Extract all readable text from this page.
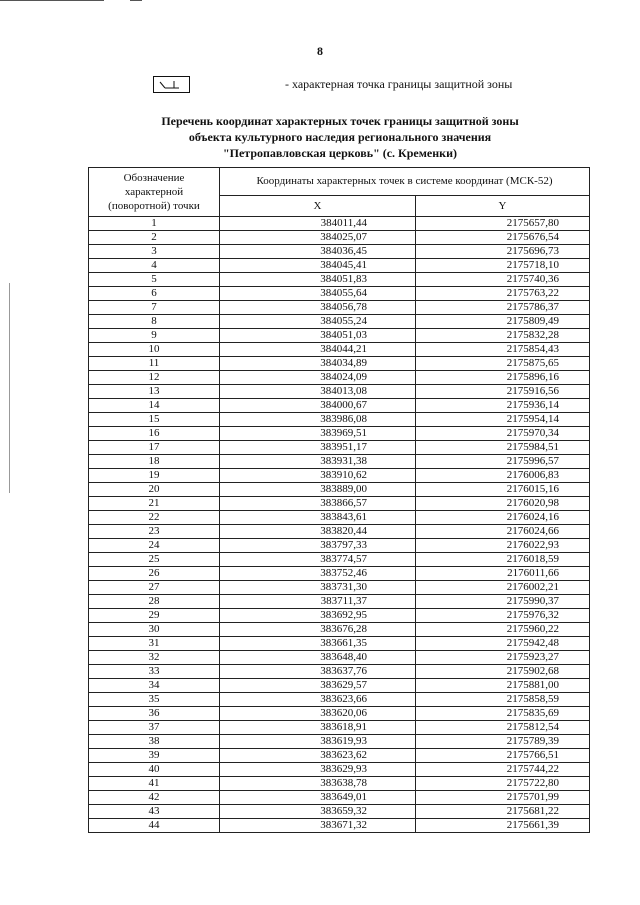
8
- характерная точка границы защитной зоны
Перечень координат характерных точек границы защитной зоны
объекта культурного наследия регионального значения
"Петропавловская церковь" (с. Кременки)
Обозначение характерной (поворотной) точки	Координаты характерных точек в системе координат (МСК-52)	
	X	Y
1	384011,44	2175657,80
2	384025,07	2175676,54
3	384036,45	2175696,73
4	384045,41	2175718,10
5	384051,83	2175740,36
6	384055,64	2175763,22
7	384056,78	2175786,37
8	384055,24	2175809,49
9	384051,03	2175832,28
10	384044,21	2175854,43
11	384034,89	2175875,65
12	384024,09	2175896,16
13	384013,08	2175916,56
14	384000,67	2175936,14
15	383986,08	2175954,14
16	383969,51	2175970,34
17	383951,17	2175984,51
18	383931,38	2175996,57
19	383910,62	2176006,83
20	383889,00	2176015,16
21	383866,57	2176020,98
22	383843,61	2176024,16
23	383820,44	2176024,66
24	383797,33	2176022,93
25	383774,57	2176018,59
26	383752,46	2176011,66
27	383731,30	2176002,21
28	383711,37	2175990,37
29	383692,95	2175976,32
30	383676,28	2175960,22
31	383661,35	2175942,48
32	383648,40	2175923,27
33	383637,76	2175902,68
34	383629,57	2175881,00
35	383623,66	2175858,59
36	383620,06	2175835,69
37	383618,91	2175812,54
38	383619,93	2175789,39
39	383623,62	2175766,51
40	383629,93	2175744,22
41	383638,78	2175722,80
42	383649,01	2175701,99
43	383659,32	2175681,22
44	383671,32	2175661,39
